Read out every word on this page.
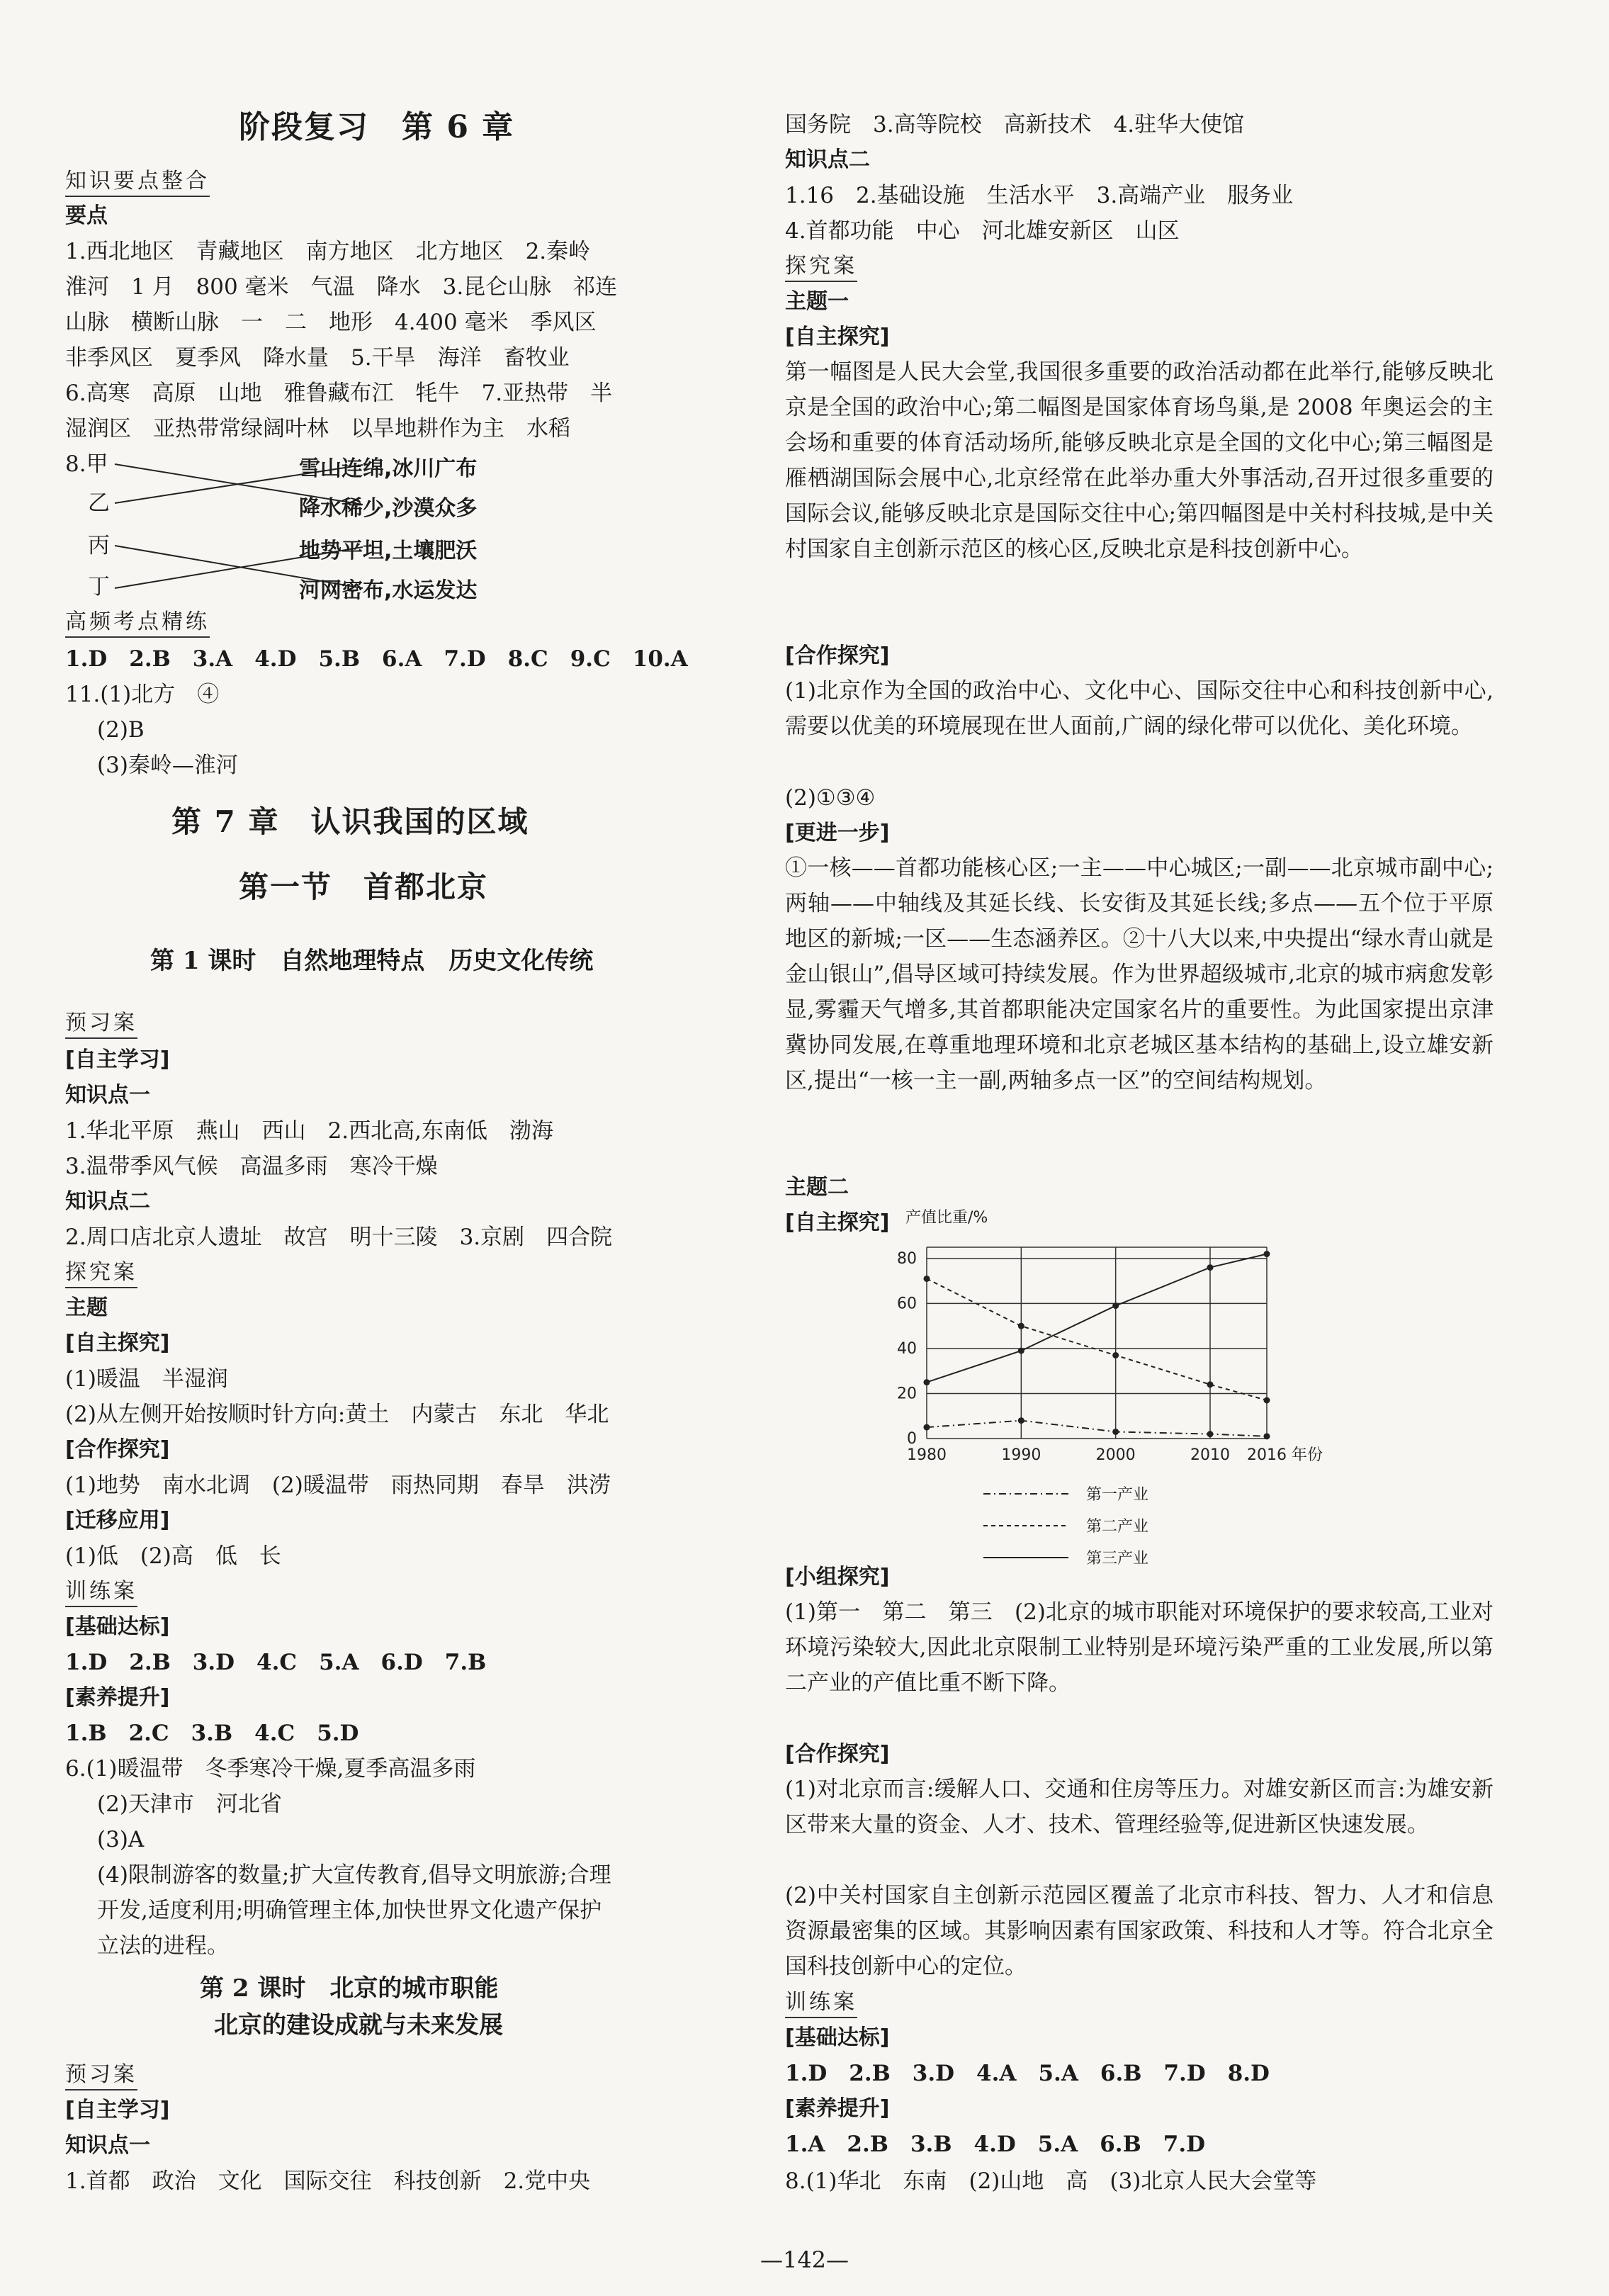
阶段复习　第 6 章
知识要点整合
要点
1.西北地区　青藏地区　南方地区　北方地区　2.秦岭
淮河　1 月　800 毫米　气温　降水　3.昆仑山脉　祁连
山脉　横断山脉　一　二　地形　4.400 毫米　季风区
非季风区　夏季风　降水量　5.干旱　海洋　畜牧业
6.高寒　高原　山地　雅鲁藏布江　牦牛　7.亚热带　半
湿润区　亚热带常绿阔叶林　以旱地耕作为主　水稻
8.甲
乙
丙
丁
雪山连绵,冰川广布
降水稀少,沙漠众多
地势平坦,土壤肥沃
河网密布,水运发达
高频考点精练
1.D　2.B　3.A　4.D　5.B　6.A　7.D　8.C　9.C　10.A
11.(1)北方　④
(2)B
(3)秦岭—淮河
第 7 章　认识我国的区域
第一节　首都北京
第 1 课时　自然地理特点　历史文化传统
预习案
[自主学习]
知识点一
1.华北平原　燕山　西山　2.西北高,东南低　渤海
3.温带季风气候　高温多雨　寒冷干燥
知识点二
2.周口店北京人遗址　故宫　明十三陵　3.京剧　四合院
探究案
主题
[自主探究]
(1)暖温　半湿润
(2)从左侧开始按顺时针方向:黄土　内蒙古　东北　华北
[合作探究]
(1)地势　南水北调　(2)暖温带　雨热同期　春旱　洪涝
[迁移应用]
(1)低　(2)高　低　长
训练案
[基础达标]
1.D　2.B　3.D　4.C　5.A　6.D　7.B
[素养提升]
1.B　2.C　3.B　4.C　5.D
6.(1)暖温带　冬季寒冷干燥,夏季高温多雨
(2)天津市　河北省
(3)A
(4)限制游客的数量;扩大宣传教育,倡导文明旅游;合理
开发,适度利用;明确管理主体,加快世界文化遗产保护
立法的进程。
第 2 课时　北京的城市职能
北京的建设成就与未来发展
预习案
[自主学习]
知识点一
1.首都　政治　文化　国际交往　科技创新　2.党中央
国务院　3.高等院校　高新技术　4.驻华大使馆
知识点二
1.16　2.基础设施　生活水平　3.高端产业　服务业
4.首都功能　中心　河北雄安新区　山区
探究案
主题一
[自主探究]
第一幅图是人民大会堂,我国很多重要的政治活动都在此举行,能够反映北京是全国的政治中心;第二幅图是国家体育场鸟巢,是 2008 年奥运会的主会场和重要的体育活动场所,能够反映北京是全国的文化中心;第三幅图是雁栖湖国际会展中心,北京经常在此举办重大外事活动,召开过很多重要的国际会议,能够反映北京是国际交往中心;第四幅图是中关村科技城,是中关村国家自主创新示范区的核心区,反映北京是科技创新中心。
[合作探究]
(1)北京作为全国的政治中心、文化中心、国际交往中心和科技创新中心,需要以优美的环境展现在世人面前,广阔的绿化带可以优化、美化环境。
(2)①③④
[更进一步]
①一核——首都功能核心区;一主——中心城区;一副——北京城市副中心;两轴——中轴线及其延长线、长安街及其延长线;多点——五个位于平原地区的新城;一区——生态涵养区。②十八大以来,中央提出“绿水青山就是金山银山”,倡导区域可持续发展。作为世界超级城市,北京的城市病愈发彰显,雾霾天气增多,其首都职能决定国家名片的重要性。为此国家提出京津冀协同发展,在尊重地理环境和北京老城区基本结构的基础上,设立雄安新区,提出“一核一主一副,两轴多点一区”的空间结构规划。
主题二
[自主探究]
0
20
40
60
80
1980	1990	2000	2010 2016 年份
产值比重/%
第一产业
第二产业
第三产业
[小组探究]
(1)第一　第二　第三　(2)北京的城市职能对环境保护的要求较高,工业对环境污染较大,因此北京限制工业特别是环境污染严重的工业发展,所以第二产业的产值比重不断下降。
[合作探究]
(1)对北京而言:缓解人口、交通和住房等压力。对雄安新区而言:为雄安新区带来大量的资金、人才、技术、管理经验等,促进新区快速发展。
(2)中关村国家自主创新示范园区覆盖了北京市科技、智力、人才和信息资源最密集的区域。其影响因素有国家政策、科技和人才等。符合北京全国科技创新中心的定位。
训练案
[基础达标]
1.D　2.B　3.D　4.A　5.A　6.B　7.D　8.D
[素养提升]
1.A　2.B　3.B　4.D　5.A　6.B　7.D
8.(1)华北　东南　(2)山地　高　(3)北京人民大会堂等
—142—
